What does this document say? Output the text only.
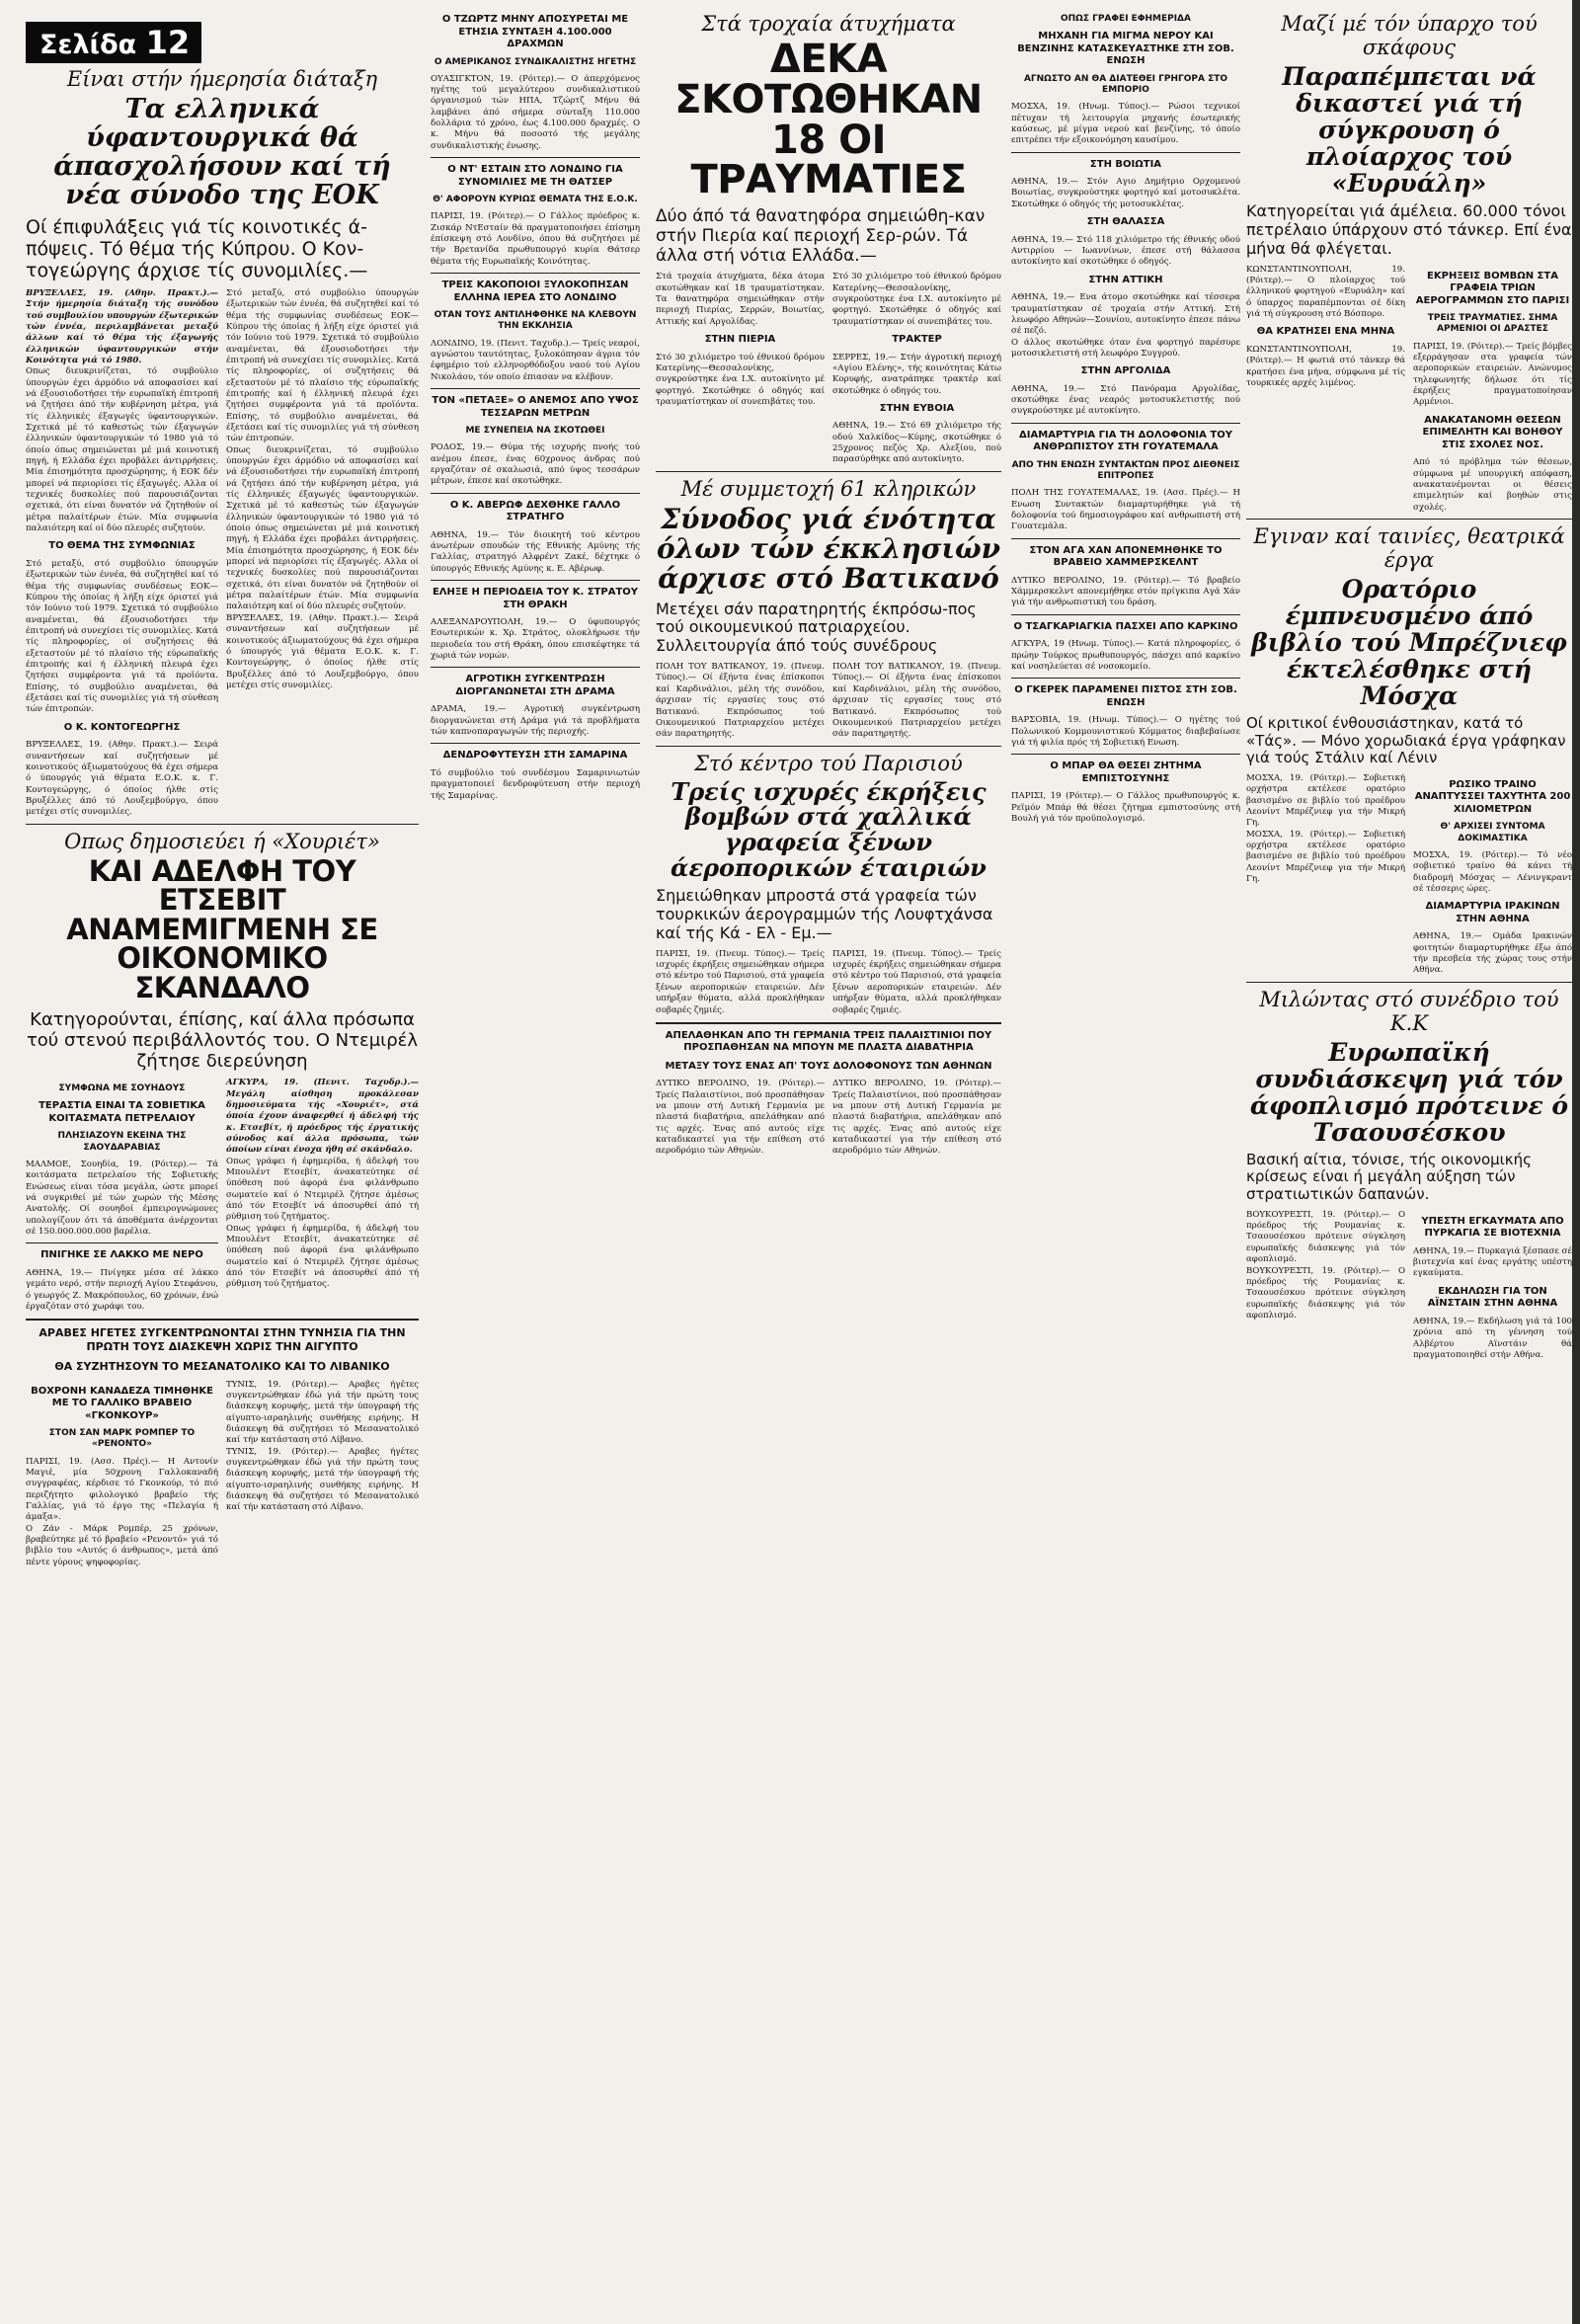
Σελίδα 12
Είναι στήν ήμερησία διάταξη
Τα ελληνικά ύφαντουργικά θά άπασχολήσουν καί τή νέα σύνοδο της ΕΟΚ
Οί έπιφυλάξεις γιά τίς κοινοτικές ά-πόψεις. Τό θέμα τής Κύπρου. Ο Κον-τογεώργης άρχισε τίς συνομιλίες.—

ΒΡΥΞΕΛΛΕΣ, 19. (Αθην. Πρακτ.).— Στήν ήμερησία διάταξη τής συνόδου τού συμβουλίου υπουργών έξωτερικών τών έννέα, περιλαμβάνεται μεταξύ άλλων καί τό θέμα τής έξαγωγής έλληνικών ύφαντουργικών στήν Κοινότητα γιά τό 1980.

Οπως διευκρινίζεται, τό συμβούλιο ύπουργών έχει άρμόδιο νά αποφασίσει καί νά έξουσιοδοτήσει τήν ευρωπαϊκή έπιτροπή νά ζητήσει άπό τήν κυβέρνηση μέτρα, γιά τίς έλληνικές έξαγωγές ύφαντουργικών. Σχετικά μέ τό καθεστώς τών έξαγωγών έλληνικών ύφαντουργικών τό 1980 γιά τό όποίο όπως σημειώνεται μέ μιά κοινοτική πηγή, ή Ελλάδα έχει προβάλει άντιρρήσεις. Μία έπισημότητα προσχώρησης, ή ΕΟΚ δέν μπορεί νά περιορίσει τίς έξαγωγές. Αλλα οί τεχνικές δυσκολίες πού παρουσιάζονται σχετικά, ότι είναι δυνατόν νά ζητηθούν οί μέτρα παλαίτέρων έτών. Μία συμφωνία παλαιότερη καί οί δύο πλευρές συζητούν.

ΤΟ ΘΕΜΑ ΤΗΣ ΣΥΜΦΩΝΙΑΣ

Στό μεταξύ, στό συμβούλιο ύπουργών έξωτερικών τών έννέα, θά συζητηθεί καί τό θέμα τής συμφωνίας συνδέσεως ΕΟΚ—Κύπρου τής όποίας ή λήξη είχε όριστεί γιά τόν Ιούνιο τού 1979. Σχετικά τό συμβούλιο αναμένεται, θά έξουσιοδοτήσει τήν έπιτροπή νά συνεχίσει τίς συνομιλίες. Κατά τίς πληροφορίες, οί συζητήσεις θά εξεταστούν μέ τό πλαίσιο τής εύρωπαϊκής έπιτροπής καί ή έλληνική πλευρά έχει ζητήσει συμφέροντα γιά τά προϊόντα. Επίσης, τό συμβούλιο αναμένεται, θά έξετάσει καί τίς συνομιλίες γιά τή σύνθεση τών έπιτροπών.

Ο Κ. ΚΟΝΤΟΓΕΩΡΓΗΣ

ΒΡΥΞΕΛΛΕΣ, 19. (Αθην. Πρακτ.).— Σειρά συναντήσεων καί συζητήσεων μέ κοινοτικούς άξιωματούχους θά έχει σήμερα ό ύπουργός γιά θέματα Ε.Ο.Κ. κ. Γ. Κοντογεώργης, ό όποίος ήλθε στίς Βρυξέλλες άπό τό Λουξεμβούργο, όπου μετέχει στίς συνομιλίες.

Στό μεταξύ, στό συμβούλιο ύπουργών έξωτερικών τών έννέα, θά συζητηθεί καί τό θέμα τής συμφωνίας συνδέσεως ΕΟΚ—Κύπρου τής όποίας ή λήξη είχε όριστεί γιά τόν Ιούνιο τού 1979. Σχετικά τό συμβούλιο αναμένεται, θά έξουσιοδοτήσει τήν έπιτροπή νά συνεχίσει τίς συνομιλίες. Κατά τίς πληροφορίες, οί συζητήσεις θά εξεταστούν μέ τό πλαίσιο τής εύρωπαϊκής έπιτροπής καί ή έλληνική πλευρά έχει ζητήσει συμφέροντα γιά τά προϊόντα. Επίσης, τό συμβούλιο αναμένεται, θά έξετάσει καί τίς συνομιλίες γιά τή σύνθεση τών έπιτροπών.

Οπως διευκρινίζεται, τό συμβούλιο ύπουργών έχει άρμόδιο νά αποφασίσει καί νά έξουσιοδοτήσει τήν ευρωπαϊκή έπιτροπή νά ζητήσει άπό τήν κυβέρνηση μέτρα, γιά τίς έλληνικές έξαγωγές ύφαντουργικών. Σχετικά μέ τό καθεστώς τών έξαγωγών έλληνικών ύφαντουργικών τό 1980 γιά τό όποίο όπως σημειώνεται μέ μιά κοινοτική πηγή, ή Ελλάδα έχει προβάλει άντιρρήσεις. Μία έπισημότητα προσχώρησης, ή ΕΟΚ δέν μπορεί νά περιορίσει τίς έξαγωγές. Αλλα οί τεχνικές δυσκολίες πού παρουσιάζονται σχετικά, ότι είναι δυνατόν νά ζητηθούν οί μέτρα παλαίτέρων έτών. Μία συμφωνία παλαιότερη καί οί δύο πλευρές συζητούν.

ΒΡΥΞΕΛΛΕΣ, 19. (Αθην. Πρακτ.).— Σειρά συναντήσεων καί συζητήσεων μέ κοινοτικούς άξιωματούχους θά έχει σήμερα ό ύπουργός γιά θέματα Ε.Ο.Κ. κ. Γ. Κοντογεώργης, ό όποίος ήλθε στίς Βρυξέλλες άπό τό Λουξεμβούργο, όπου μετέχει στίς συνομιλίες.

Οπως δημοσιεύει ή «Χουριέτ»
ΚΑΙ ΑΔΕΛΦΗ ΤΟΥ ΕΤΣΕΒΙΤ ΑΝΑΜΕΜΙΓΜΕΝΗ ΣΕ ΟΙΚΟΝΟΜΙΚΟ ΣΚΑΝΔΑΛΟ
Κατηγορούνται, έπίσης, καί άλλα πρόσωπα τού στενού περιβάλλοντός του. Ο Ντεμιρέλ ζήτησε διερεύνηση
ΣΥΜΦΩΝΑ ΜΕ ΣΟΥΗΔΟΥΣ
ΤΕΡΑΣΤΙΑ ΕΙΝΑΙ ΤΑ ΣΟΒΙΕΤΙΚΑ ΚΟΙΤΑΣΜΑΤΑ ΠΕΤΡΕΛΑΙΟΥ
ΠΛΗΣΙΑΖΟΥΝ ΕΚΕΙΝΑ ΤΗΣ ΣΑΟΥΔΑΡΑΒΙΑΣ

ΜΑΛΜΟΕ, Σουηδία, 19. (Ρόιτερ).— Τά κοιτάσματα πετρελαίου τής Σοβιετικής Ενώσεως είναι τόσα μεγάλα, ώστε μπορεί νά συγκριθεί μέ τών χωρών τής Μέσης Ανατολής. Οί σουηδοί έμπειρογνώμονες υπολογίζουν ότι τά άποθέματα άνέρχονται σέ 150.000.000.000 βαρέλια.

ΠΝΙΓΗΚΕ ΣΕ ΛΑΚΚΟ ΜΕ ΝΕΡΟ

ΑΘΗΝΑ, 19.— Πνίγηκε μέσα σέ λάκκο γεμάτο νερό, στήν περιοχή Αγίου Στεφάνου, ό γεωργός Ζ. Μακρόπουλος, 60 χρόνων, ένώ έργαζόταν στό χωράφι του.

ΑΓΚΥΡΑ, 19. (Πενιτ. Ταχυδρ.).— Μεγάλη αίσθηση προκάλεσαν δημοσιεύματα τής «Χουριέτ», στά όποία έχουν άναφερθεί ή άδελφή τής κ. Ετσεβίτ, ή πρόεδρος τής έργατικής σύνοδος καί άλλα πρόσωπα, τών όποίων είναι ένοχα ήθη σέ σκάνδαλο.

Οπως γράφει ή έφημερίδα, ή άδελφή του Μπουλέντ Ετσεβίτ, άνακατεύτηκε σέ ύπόθεση πού άφορά ένα φιλάνθρωπο σωματείο καί ό Ντεμιρέλ ζήτησε άμέσως άπό τόν Ετσεβίτ νά άποσυρθεί άπό τή ρύθμιση τού ζητήματος.

Οπως γράφει ή έφημερίδα, ή άδελφή του Μπουλέντ Ετσεβίτ, άνακατεύτηκε σέ ύπόθεση πού άφορά ένα φιλάνθρωπο σωματείο καί ό Ντεμιρέλ ζήτησε άμέσως άπό τόν Ετσεβίτ νά άποσυρθεί άπό τή ρύθμιση τού ζητήματος.

ΑΡΑΒΕΣ ΗΓΕΤΕΣ ΣΥΓΚΕΝΤΡΩΝΟΝΤΑΙ ΣΤΗΝ ΤΥΝΗΣΙΑ ΓΙΑ ΤΗΝ ΠΡΩΤΗ ΤΟΥΣ ΔΙΑΣΚΕΨΗ ΧΩΡΙΣ ΤΗΝ ΑΙΓΥΠΤΟ
ΘΑ ΣΥΖΗΤΗΣΟΥΝ ΤΟ ΜΕΣΑΝΑΤΟΛΙΚΟ ΚΑΙ ΤΟ ΛΙΒΑΝΙΚΟ
ΒΟΧΡΟΝΗ ΚΑΝΑΔΕΖΑ ΤΙΜΗΘΗΚΕ ΜΕ ΤΟ ΓΑΛΛΙΚΟ ΒΡΑΒΕΙΟ «ΓΚΟΝΚΟΥΡ»
ΣΤΟΝ ΣΑΝ ΜΑΡΚ ΡΟΜΠΕΡ ΤΟ «ΡΕΝΟΝΤΟ»

ΠΑΡΙΣΙ, 19. (Ασσ. Πρές).— Η Αντονίν Μαγιέ, μία 50χρονη Γαλλοκαναδή συγγραφέας, κέρδισε τό Γκονκούρ, τό πιό περιζήτητο φιλολογικό βραβείο τής Γαλλίας, γιά τό έργο της «Πελαγία ή άμαξα».

Ο Ζάν - Μάρκ Ρομπέρ, 25 χρόνων, βραβεύτηκε μέ τό βραβείο «Ρενοντό» γιά τό βιβλίο του «Αυτός ό άνθρωπος», μετά άπό πέντε γύρους ψηφοφορίας.

ΤΥΝΙΣ, 19. (Ρόιτερ).— Αραβες ήγέτες συγκεντρώθηκαν έδώ γιά τήν πρώτη τους διάσκεψη κορυφής, μετά τήν ύπογραφή τής αίγυπτο-ισραηλινής συνθήκης ειρήνης. Η διάσκεψη θά συζητήσει τό Μεσανατολικό καί τήν κατάσταση στό Λίβανο.

ΤΥΝΙΣ, 19. (Ρόιτερ).— Αραβες ήγέτες συγκεντρώθηκαν έδώ γιά τήν πρώτη τους διάσκεψη κορυφής, μετά τήν ύπογραφή τής αίγυπτο-ισραηλινής συνθήκης ειρήνης. Η διάσκεψη θά συζητήσει τό Μεσανατολικό καί τήν κατάσταση στό Λίβανο.

Ο ΤΖΩΡΤΖ ΜΗΝΥ ΑΠΟΣΥΡΕΤΑΙ ΜΕ ΕΤΗΣΙΑ ΣΥΝΤΑΞΗ 4.100.000 ΔΡΑΧΜΩΝ
Ο ΑΜΕΡΙΚΑΝΟΣ ΣΥΝΔΙΚΑΛΙΣΤΗΣ ΗΓΕΤΗΣ

ΟΥΑΣΙΓΚΤΟΝ, 19. (Ρόιτερ).— Ο άπερχόμενος ηγέτης τού μεγαλύτερου συνδικαλιστικού όργανισμού τών ΗΠΑ, Τζώρτζ Μήνυ θά λαμβάνει άπό σήμερα σύνταξη 110.000 δολλάρια τό χρόνο, έως 4.100.000 δραχμές. Ο κ. Μήνυ θά ποσοστό τής μεγάλης συνδικαλιστικής ένωσης.

Ο ΝΤ' ΕΣΤΑΙΝ ΣΤΟ ΛΟΝΔΙΝΟ ΓΙΑ ΣΥΝΟΜΙΛΙΕΣ ΜΕ ΤΗ ΘΑΤΣΕΡ
Θ' ΑΦΟΡΟΥΝ ΚΥΡΙΩΣ ΘΕΜΑΤΑ ΤΗΣ Ε.Ο.Κ.

ΠΑΡΙΣΙ, 19. (Ρόιτερ).— Ο Γάλλος πρόεδρος κ. Ζισκάρ ΝτΕσταίν θά πραγματοποιήσει έπίσημη έπίσκεψη στό Λονδίνο, όπου θά συζητήσει μέ τήν Βρετανίδα πρωθυπουργό κυρία Θάτσερ θέματα τής Ευρωπαϊκής Κοινότητας.

ΤΡΕΙΣ ΚΑΚΟΠΟΙΟΙ ΞΥΛΟΚΟΠΗΣΑΝ ΕΛΛΗΝΑ ΙΕΡΕΑ ΣΤΟ ΛΟΝΔΙΝΟ
ΟΤΑΝ ΤΟΥΣ ΑΝΤΙΛΗΦΘΗΚΕ ΝΑ ΚΛΕΒΟΥΝ ΤΗΝ ΕΚΚΛΗΣΙΑ

ΛΟΝΔΙΝΟ, 19. (Πενιτ. Ταχυδρ.).— Τρείς νεαροί, αγνώστου ταυτότητας, ξυλοκόπησαν άγρια τόν έφημέριο τού ελληνορθόδοξου ναού τού Αγίου Νικολάου, τόν οποίο έπιασαν να κλέβουν.

ΤΟΝ «ΠΕΤΑΞΕ» Ο ΑΝΕΜΟΣ ΑΠΟ ΥΨΟΣ ΤΕΣΣΑΡΩΝ ΜΕΤΡΩΝ
ΜΕ ΣΥΝΕΠΕΙΑ ΝΑ ΣΚΟΤΩΘΕΙ

ΡΟΔΟΣ, 19.— Θύμα τής ισχυρής πνοής τού ανέμου έπεσε, ένας 60χρονος άνδρας πού εργαζόταν σέ σκαλωσιά, από ύψος τεσσάρων μέτρων, έπεσε καί σκοτώθηκε.

Ο Κ. ΑΒΕΡΩΦ ΔΕΧΘΗΚΕ ΓΑΛΛΟ ΣΤΡΑΤΗΓΟ

ΑΘΗΝΑ, 19.— Τόν διοικητή τού κέντρου άνωτέρων σπουδών τής Εθνικής Αμύνης τής Γαλλίας, στρατηγό Αλφρέντ Ζακέ, δέχτηκε ό ύπουργός Εθνικής Αμύνης κ. Ε. Αβέρωφ.

ΕΛΗΞΕ Η ΠΕΡΙΟΔΕΙΑ ΤΟΥ Κ. ΣΤΡΑΤΟΥ ΣΤΗ ΘΡΑΚΗ

ΑΛΕΞΑΝΔΡΟΥΠΟΛΗ, 19.— Ο ύφυπουργός Εσωτερικών κ. Χρ. Στράτος, ολοκλήρωσε τήν περιοδεία του στή Θράκη, όπου επισκέφτηκε τά χωριά τών νομών.

ΑΓΡΟΤΙΚΗ ΣΥΓΚΕΝΤΡΩΣΗ ΔΙΟΡΓΑΝΩΝΕΤΑΙ ΣΤΗ ΔΡΑΜΑ

ΔΡΑΜΑ, 19.— Αγροτική συγκέντρωση διοργανώνεται στή Δράμα γιά τά προβλήματα τών καπνοπαραγωγών τής περιοχής.

ΔΕΝΔΡΟΦΥΤΕΥΣΗ ΣΤΗ ΣΑΜΑΡΙΝΑ

Τό συμβούλιο τού συνδέσμου Σαμαρινιωτών πραγματοποιεί δενδροφύτευση στήν περιοχή τής Σαμαρίνας.

Στά τροχαία άτυχήματα
ΔΕΚΑ ΣΚΟΤΩΘΗΚΑΝ 18 ΟΙ ΤΡΑΥΜΑΤΙΕΣ
Δύο άπό τά θανατηφόρα σημειώθη-καν στήν Πιερία καί περιοχή Σερ-ρών. Τά άλλα στή νότια Ελλάδα.—

Στά τροχαία άτυχήματα, δέκα άτομα σκοτώθηκαν καί 18 τραυματίστηκαν. Τα θανατηφόρα σημειώθηκαν στήν περιοχή Πιερίας, Σερρών, Βοιωτίας, Αττικής καί Αργολίδας.

ΣΤΗΝ ΠΙΕΡΙΑ

Στό 30 χιλιόμετρο τού έθνικού δρόμου Κατερίνης—Θεσσαλονίκης, συγκρούστηκε ένα Ι.Χ. αυτοκίνητο μέ φορτηγό. Σκοτώθηκε ό οδηγός καί τραυματίστηκαν οί συνεπιβάτες του.

Στό 30 χιλιόμετρο τού έθνικού δρόμου Κατερίνης—Θεσσαλονίκης, συγκρούστηκε ένα Ι.Χ. αυτοκίνητο μέ φορτηγό. Σκοτώθηκε ό οδηγός καί τραυματίστηκαν οί συνεπιβάτες του.

ΤΡΑΚΤΕΡ

ΣΕΡΡΕΣ, 19.— Στήν άγροτική περιοχή «Αγίου Ελένης», τής κοινότητας Κάτω Κορυφής, ανατράπηκε τρακτέρ καί σκοτώθηκε ό οδηγός του.

ΣΤΗΝ ΕΥΒΟΙΑ

ΑΘΗΝΑ, 19.— Στό 69 χιλιόμετρο τής οδού Χαλκίδος—Κύμης, σκοτώθηκε ό 25χρονος πεζός Χρ. Αλεξίου, πού παρασύρθηκε από αυτοκίνητο.

Μέ συμμετοχή 61 κληρικών
Σύνοδος γιά ένότητα όλων τών έκκλησιών άρχισε στό Βατικανό
Μετέχει σάν παρατηρητής έκπρόσω-πος τού οικουμενικού πατριαρχείου. Συλλειτουργία άπό τούς συνέδρους

ΠΟΛΗ ΤΟΥ ΒΑΤΙΚΑΝΟΥ, 19. (Πνευμ. Τύπος).— Οί έξήντα ένας έπίσκοποι καί Καρδινάλιοι, μέλη τής συνόδου, άρχισαν τίς εργασίες τους στό Βατικανό. Εκπρόσωπος τού Οικουμενικού Πατριαρχείου μετέχει σάν παρατηρητής.

ΠΟΛΗ ΤΟΥ ΒΑΤΙΚΑΝΟΥ, 19. (Πνευμ. Τύπος).— Οί έξήντα ένας έπίσκοποι καί Καρδινάλιοι, μέλη τής συνόδου, άρχισαν τίς εργασίες τους στό Βατικανό. Εκπρόσωπος τού Οικουμενικού Πατριαρχείου μετέχει σάν παρατηρητής.

Στό κέντρο τού Παρισιού
Τρείς ισχυρές έκρήξεις βομβών στά χαλλικά γραφεία ξένων άεροπορικών έταιριών
Σημειώθηκαν μπροστά στά γραφεία τών τουρκικών άερογραμμών τής Λουφτχάνσα καί τής Κά - Ελ - Εμ.—

ΠΑΡΙΣΙ, 19. (Πνευμ. Τύπος).— Τρείς ισχυρές έκρήξεις σημειώθηκαν σήμερα στό κέντρο τού Παρισιού, στά γραφεία ξένων αεροπορικών εταιρειών. Δέν υπήρξαν θύματα, αλλά προκλήθηκαν σοβαρές ζημιές.

ΠΑΡΙΣΙ, 19. (Πνευμ. Τύπος).— Τρείς ισχυρές έκρήξεις σημειώθηκαν σήμερα στό κέντρο τού Παρισιού, στά γραφεία ξένων αεροπορικών εταιρειών. Δέν υπήρξαν θύματα, αλλά προκλήθηκαν σοβαρές ζημιές.

ΑΠΕΛΑΘΗΚΑΝ ΑΠΟ ΤΗ ΓΕΡΜΑΝΙΑ ΤΡΕΙΣ ΠΑΛΑΙΣΤΙΝΙΟΙ ΠΟΥ ΠΡΟΣΠΑΘΗΣΑΝ ΝΑ ΜΠΟΥΝ ΜΕ ΠΛΑΣΤΑ ΔΙΑΒΑΤΗΡΙΑ
ΜΕΤΑΞΥ ΤΟΥΣ ΕΝΑΣ ΑΠ' ΤΟΥΣ ΔΟΛΟΦΟΝΟΥΣ ΤΩΝ ΑΘΗΝΩΝ

ΔΥΤΙΚΟ ΒΕΡΟΛΙΝΟ, 19. (Ρόιτερ).— Τρείς Παλαιστίνιοι, πού προσπάθησαν να μπουν στή Δυτική Γερμανία με πλαστά διαβατήρια, απελάθηκαν από τις αρχές. Ένας από αυτούς είχε καταδικαστεί για τήν επίθεση στό αεροδρόμιο τών Αθηνών.

ΔΥΤΙΚΟ ΒΕΡΟΛΙΝΟ, 19. (Ρόιτερ).— Τρείς Παλαιστίνιοι, πού προσπάθησαν να μπουν στή Δυτική Γερμανία με πλαστά διαβατήρια, απελάθηκαν από τις αρχές. Ένας από αυτούς είχε καταδικαστεί για τήν επίθεση στό αεροδρόμιο τών Αθηνών.

ΟΠΩΣ ΓΡΑΦΕΙ ΕΦΗΜΕΡΙΔΑ
ΜΗΧΑΝΗ ΓΙΑ ΜΙΓΜΑ ΝΕΡΟΥ ΚΑΙ ΒΕΝΖΙΝΗΣ ΚΑΤΑΣΚΕΥΑΣΤΗΚΕ ΣΤΗ ΣΟΒ. ΕΝΩΣΗ
ΑΓΝΩΣΤΟ ΑΝ ΘΑ ΔΙΑΤΕΘΕΙ ΓΡΗΓΟΡΑ ΣΤΟ ΕΜΠΟΡΙΟ

ΜΟΣΧΑ, 19. (Ηνωμ. Τύπος).— Ρώσοι τεχνικοί πέτυχαν τή λειτουργία μηχανής έσωτερικής καύσεως, μέ μίγμα νερού καί βενζίνης, τό όποίο επιτρέπει τήν εξοικονόμηση καυσίμου.

ΣΤΗ ΒΟΙΩΤΙΑ

ΑΘΗΝΑ, 19.— Στόν Αγιο Δημήτριο Ορχομενού Βοιωτίας, συγκρούστηκε φορτηγό καί μοτοσυκλέτα. Σκοτώθηκε ό οδηγός τής μοτοσυκλέτας.

ΣΤΗ ΘΑΛΑΣΣΑ

ΑΘΗΝΑ, 19.— Στό 118 χιλιόμετρο τής έθνικής οδού Αντιρρίου — Ιωαννίνων, έπεσε στή θάλασσα αυτοκίνητο καί σκοτώθηκε ό οδηγός.

ΣΤΗΝ ΑΤΤΙΚΗ

ΑΘΗΝΑ, 19.— Ενα άτομο σκοτώθηκε καί τέσσερα τραυματίστηκαν σέ τροχαία στήν Αττική. Στή λεωφόρο Αθηνών—Σουνίου, αυτοκίνητο έπεσε πάνω σέ πεζό.

Ο άλλος σκοτώθηκε όταν ένα φορτηγό παρέσυρε μοτοσικλετιστή στή λεωφόρο Συγγρού.

ΣΤΗΝ ΑΡΓΟΛΙΔΑ

ΑΘΗΝΑ, 19.— Στό Πανόραμα Αργολίδας, σκοτώθηκε ένας νεαρός μοτοσυκλετιστής πού συγκρούστηκε μέ αυτοκίνητο.

ΔΙΑΜΑΡΤΥΡΙΑ ΓΙΑ ΤΗ ΔΟΛΟΦΟΝΙΑ ΤΟΥ ΑΝΘΡΩΠΙΣΤΟΥ ΣΤΗ ΓΟΥΑΤΕΜΑΛΑ
ΑΠΟ ΤΗΝ ΕΝΩΣΗ ΣΥΝΤΑΚΤΩΝ ΠΡΟΣ ΔΙΕΘΝΕΙΣ ΕΠΙΤΡΟΠΕΣ

ΠΟΛΗ ΤΗΣ ΓΟΥΑΤΕΜΑΛΑΣ, 19. (Ασσ. Πρές).— Η Ενωση Συντακτών διαμαρτυρήθηκε γιά τή δολοφονία τού δημοσιογράφου καί ανθρωπιστή στή Γουατεμάλα.

ΣΤΟΝ ΑΓΑ ΧΑΝ ΑΠΟΝΕΜΗΘΗΚΕ ΤΟ ΒΡΑΒΕΙΟ ΧΑΜΜΕΡΣΚΕΛΝΤ

ΔΥΤΙΚΟ ΒΕΡΟΛΙΝΟ, 19. (Ρόιτερ).— Τό βραβείο Χάμμερσκελντ απονεμήθηκε στόν πρίγκιπα Αγά Χάν γιά τήν ανθρωπιστική του δράση.

Ο ΤΣΑΓΚΑΡΙΑΓΚΙΑ ΠΑΣΧΕΙ ΑΠΟ ΚΑΡΚΙΝΟ

ΑΓΚΥΡΑ, 19 (Ηνωμ. Τύπος).— Κατά πληροφορίες, ό πρώην Τούρκος πρωθυπουργός, πάσχει από καρκίνο καί νοσηλεύεται σέ νοσοκομείο.

Ο ΓΚΕΡΕΚ ΠΑΡΑΜΕΝΕΙ ΠΙΣΤΟΣ ΣΤΗ ΣΟΒ. ΕΝΩΣΗ

ΒΑΡΣΟΒΙΑ, 19. (Ηνωμ. Τύπος).— Ο ηγέτης τού Πολωνικού Κομμουνιστικού Κόμματος διαβεβαίωσε γιά τή φιλία πρός τή Σοβιετική Ενωση.

Ο ΜΠΑΡ ΘΑ ΘΕΣΕΙ ΖΗΤΗΜΑ ΕΜΠΙΣΤΟΣΥΝΗΣ

ΠΑΡΙΣΙ, 19 (Ρόιτερ).— Ο Γάλλος πρωθυπουργός κ. Ρεϊμόν Μπάρ θά θέσει ζήτημα εμπιστοσύνης στή Βουλή γιά τόν προϋπολογισμό.

Μαζί μέ τόν ύπαρχο τού σκάφους
Παραπέμπεται νά δικαστεί γιά τή σύγκρουση ό πλοίαρχος τού «Ευρυάλη»
Κατηγορείται γιά άμέλεια. 60.000 τόνοι πετρέλαιο ύπάρχουν στό τάνκερ. Επί ένα μήνα θά φλέγεται.

ΚΩΝΣΤΑΝΤΙΝΟΥΠΟΛΗ, 19. (Ρόιτερ).— Ο πλοίαρχος τού έλληνικού φορτηγού «Ευρυάλη» καί ό ύπαρχος παραπέμπονται σέ δίκη γιά τή σύγκρουση στό Βόσπορο.

ΘΑ ΚΡΑΤΗΣΕΙ ΕΝΑ ΜΗΝΑ

ΚΩΝΣΤΑΝΤΙΝΟΥΠΟΛΗ, 19. (Ρόιτερ).— Η φωτιά στό τάνκερ θά κρατήσει ένα μήνα, σύμφωνα μέ τίς τουρκικές αρχές λιμένος.

ΕΚΡΗΞΕΙΣ ΒΟΜΒΩΝ ΣΤΑ ΓΡΑΦΕΙΑ ΤΡΙΩΝ ΑΕΡΟΓΡΑΜΜΩΝ ΣΤΟ ΠΑΡΙΣΙ
ΤΡΕΙΣ ΤΡΑΥΜΑΤΙΕΣ. ΣΗΜΑ ΑΡΜΕΝΙΟΙ ΟΙ ΔΡΑΣΤΕΣ

ΠΑΡΙΣΙ, 19. (Ρόιτερ).— Τρείς βόμβες εξερράγησαν στα γραφεία τών αεροπορικών εταιρειών. Ανώνυμος τηλεφωνητής δήλωσε ότι τίς έκρήξεις πραγματοποίησαν Αρμένιοι.

ΑΝΑΚΑΤΑΝΟΜΗ ΘΕΣΕΩΝ ΕΠΙΜΕΛΗΤΗ ΚΑΙ ΒΟΗΘΟΥ ΣΤΙΣ ΣΧΟΛΕΣ ΝΟΣ.

Από τό πρόβλημα τών θέσεων, σύμφωνα μέ υπουργική απόφαση, ανακατανέμονται οι θέσεις επιμελητών καί βοηθών στις σχολές.

Εγιναν καί ταινίες, θεατρικά έργα
Ορατόριο έμπνευσμένο άπό βιβλίο τού Μπρέζνιεφ έκτελέσθηκε στή Μόσχα
Οί κριτικοί ένθουσιάστηκαν, κατά τό «Τάς». — Μόνο χορωδιακά έργα γράφηκαν γιά τούς Στάλιν καί Λένιν

ΜΟΣΧΑ, 19. (Ρόιτερ).— Σοβιετική ορχήστρα εκτέλεσε ορατόριο βασισμένο σε βιβλίο τού προέδρου Λεονίντ Μπρέζνιεφ για τήν Μικρή Γη.

ΜΟΣΧΑ, 19. (Ρόιτερ).— Σοβιετική ορχήστρα εκτέλεσε ορατόριο βασισμένο σε βιβλίο τού προέδρου Λεονίντ Μπρέζνιεφ για τήν Μικρή Γη.

ΡΩΣΙΚΟ ΤΡΑΙΝΟ ΑΝΑΠΤΥΣΣΕΙ ΤΑΧΥΤΗΤΑ 200 ΧΙΛΙΟΜΕΤΡΩΝ
Θ' ΑΡΧΙΣΕΙ ΣΥΝΤΟΜΑ ΔΟΚΙΜΑΣΤΙΚΑ

ΜΟΣΧΑ, 19. (Ρόιτερ).— Τό νέο σοβιετικό τραίνο θά κάνει τή διαδρομή Μόσχας — Λένινγκραντ σέ τέσσερις ώρες.

ΔΙΑΜΑΡΤΥΡΙΑ ΙΡΑΚΙΝΩΝ ΣΤΗΝ ΑΘΗΝΑ

ΑΘΗΝΑ, 19.— Ομάδα Ιρακινών φοιτητών διαμαρτυρήθηκε έξω άπό τήν πρεσβεία τής χώρας τους στήν Αθήνα.

Μιλώντας στό συνέδριο τού Κ.Κ
Ευρωπαϊκή συνδιάσκεψη γιά τόν άφοπλισμό πρότεινε ό Τσαουσέσκου
Βασική αίτια, τόνισε, τής οικονομικής κρίσεως είναι ή μεγάλη αύξηση τών στρατιωτικών δαπανών.

ΒΟΥΚΟΥΡΕΣΤΙ, 19. (Ρόιτερ).— Ο πρόεδρος τής Ρουμανίας κ. Τσαουσέσκου πρότεινε σύγκληση ευρωπαϊκής διάσκεψης γιά τόν αφοπλισμό.

ΒΟΥΚΟΥΡΕΣΤΙ, 19. (Ρόιτερ).— Ο πρόεδρος τής Ρουμανίας κ. Τσαουσέσκου πρότεινε σύγκληση ευρωπαϊκής διάσκεψης γιά τόν αφοπλισμό.

ΥΠΕΣΤΗ ΕΓΚΑΥΜΑΤΑ ΑΠΟ ΠΥΡΚΑΓΙΑ ΣΕ ΒΙΟΤΕΧΝΙΑ

ΑΘΗΝΑ, 19.— Πυρκαγιά ξέσπασε σέ βιοτεχνία καί ένας εργάτης υπέστη εγκαύματα.

ΕΚΔΗΛΩΣΗ ΓΙΑ ΤΟΝ ΑΪΝΣΤΑΙΝ ΣΤΗΝ ΑΘΗΝΑ

ΑΘΗΝΑ, 19.— Εκδήλωση γιά τά 100 χρόνια από τη γέννηση τού Αλβέρτου Αϊνστάιν θά πραγματοποιηθεί στήν Αθήνα.
